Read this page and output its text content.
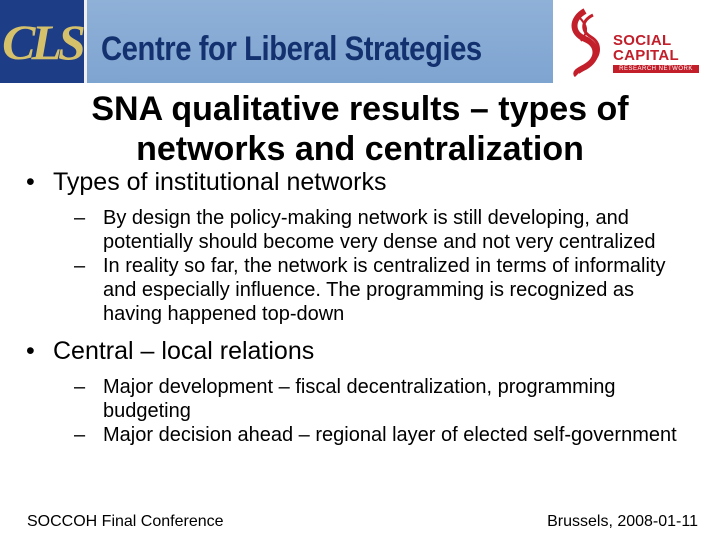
CLS Centre for Liberal Strategies	SOCIAL
CAPITAL
RESEARCH NETWORK
SNA qualitative results – types of
networks and centralization
• Types of institutional networks
– By design the policy-making network is still developing, and potentially should become very dense and not very centralized
– In reality so far, the network is centralized in terms of informality and especially influence. The programming is recognized as having happened top-down
• Central – local relations
– Major development – fiscal decentralization, programming budgeting
– Major decision ahead – regional layer of elected self-government
SOCCOH Final Conference	Brussels, 2008-01-11
